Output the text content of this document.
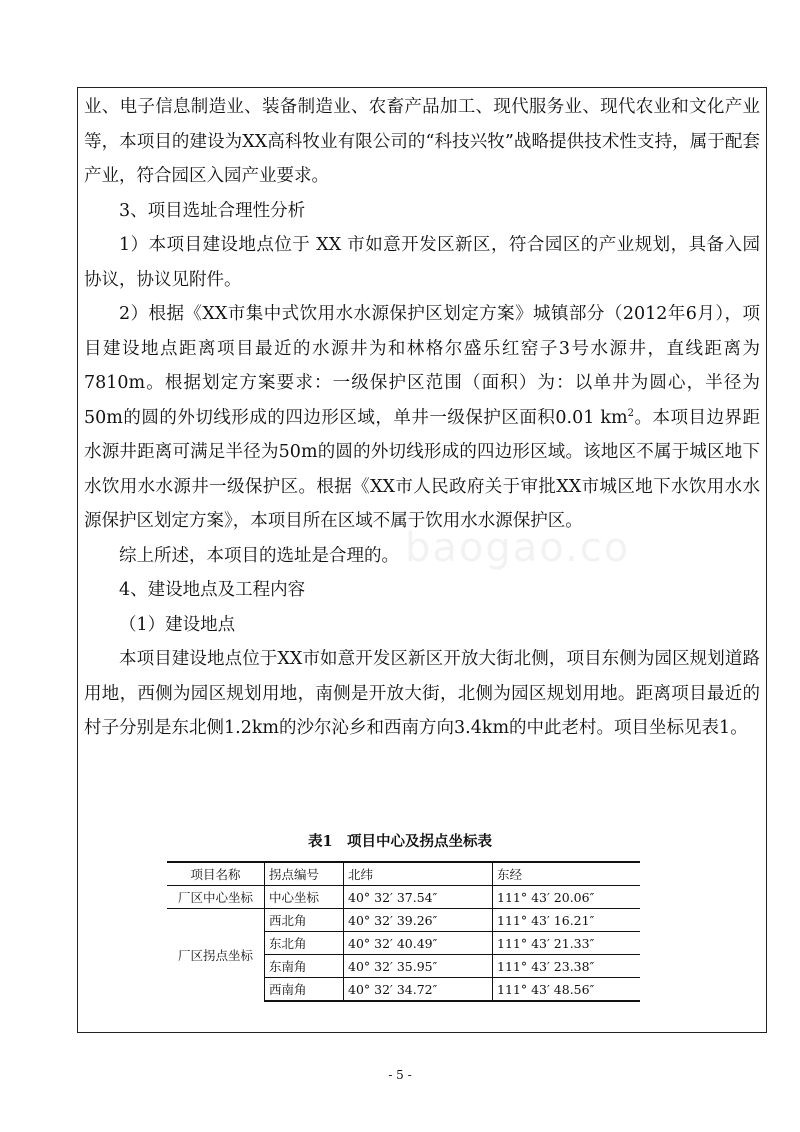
baogao.co

业、电子信息制造业、装备制造业、农畜产品加工、现代服务业、现代农业和文化产业等，本项目的建设为XX高科牧业有限公司的“科技兴牧”战略提供技术性支持，属于配套产业，符合园区入园产业要求。

3、项目选址合理性分析

1）本项目建设地点位于 XX 市如意开发区新区，符合园区的产业规划，具备入园协议，协议见附件。

2）根据《XX市集中式饮用水水源保护区划定方案》城镇部分（2012年6月），项目建设地点距离项目最近的水源井为和林格尔盛乐红窑子3号水源井，直线距离为7810m。根据划定方案要求：一级保护区范围（面积）为：以单井为圆心，半径为50m的圆的外切线形成的四边形区域，单井一级保护区面积0.01 $km^2$。本项目边界距水源井距离可满足半径为50m的圆的外切线形成的四边形区域。该地区不属于城区地下水饮用水水源井一级保护区。根据《XX市人民政府关于审批XX市城区地下水饮用水水源保护区划定方案》，本项目所在区域不属于饮用水水源保护区。

综上所述，本项目的选址是合理的。

4、建设地点及工程内容

（1）建设地点

本项目建设地点位于XX市如意开发区新区开放大街北侧，项目东侧为园区规划道路用地，西侧为园区规划用地，南侧是开放大街，北侧为园区规划用地。距离项目最近的村子分别是东北侧1.2km的沙尔沁乡和西南方向3.4km的中此老村。项目坐标见表1。

表1　项目中心及拐点坐标表
项目名称	拐点编号	北纬	东经
厂区中心坐标	中心坐标	40° 32′ 37.54″	111° 43′ 20.06″
厂区拐点坐标	西北角	40° 32′ 39.26″	111° 43′ 16.21″
	东北角	40° 32′ 40.49″	111° 43′ 21.33″
	东南角	40° 32′ 35.95″	111° 43′ 23.38″
	西南角	40° 32′ 34.72″	111° 43′ 48.56″
- 5 -
